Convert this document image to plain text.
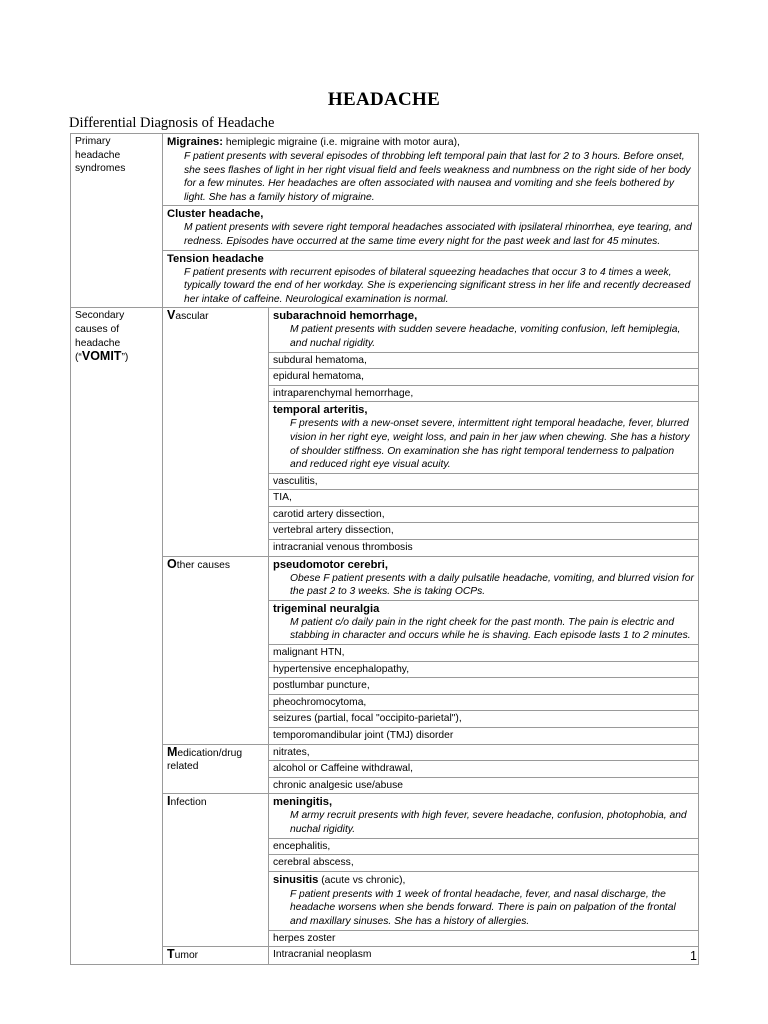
HEADACHE
Differential Diagnosis of Headache
Primary headache syndromes	Migraines: hemiplegic migraine (i.e. migraine with motor aura),
F patient presents with several episodes of throbbing left temporal pain that last for 2 to 3 hours. Before onset, she sees flashes of light in her right visual field and feels weakness and numbness on the right side of her body for a few minutes. Her headaches are often associated with nausea and vomiting and she feels bothered by light. She has a family history of migraine.	

	Cluster headache,
M patient presents with severe right temporal headaches associated with ipsilateral rhinorrhea, eye tearing, and redness. Episodes have occurred at the same time every night for the past week and last for 45 minutes.	

	Tension headache
F patient presents with recurrent episodes of bilateral squeezing headaches that occur 3 to 4 times a week, typically toward the end of her workday. She is experiencing significant stress in her life and recently decreased her intake of caffeine. Neurological examination is normal.	

Secondary causes of headache (“VOMIT”)	Vascular	subarachnoid hemorrhage,
M patient presents with sudden severe headache, vomiting confusion, left hemiplegia, and nuchal rigidity.

		subdural hematoma,
		epidural hematoma,
		intraparenchymal hemorrhage,

		temporal arteritis,
F presents with a new-onset severe, intermittent right temporal headache, fever, blurred vision in her right eye, weight loss, and pain in her jaw when chewing. She has a history of shoulder stiffness. On examination she has right temporal tenderness to palpation and reduced right eye visual acuity.

		vasculitis,
		TIA,
		carotid artery dissection,
		vertebral artery dissection,
		intracranial venous thrombosis
	Other causes	pseudomotor cerebri,
Obese F patient presents with a daily pulsatile headache, vomiting, and blurred vision for the past 2 to 3 weeks. She is taking OCPs.

		trigeminal neuralgia
M patient c/o daily pain in the right cheek for the past month. The pain is electric and stabbing in character and occurs while he is shaving. Each episode lasts 1 to 2 minutes.

		malignant HTN,
		hypertensive encephalopathy,
		postlumbar puncture,
		pheochromocytoma,
		seizures (partial, focal "occipito-parietal"),
		temporomandibular joint (TMJ) disorder
	Medication/drug related	nitrates,
		alcohol or Caffeine withdrawal,
		chronic analgesic use/abuse
	Infection	meningitis,
M army recruit presents with high fever, severe headache, confusion, photophobia, and nuchal rigidity.

		encephalitis,
		cerebral abscess,

		sinusitis (acute vs chronic),
F patient presents with 1 week of frontal headache, fever, and nasal discharge, the headache worsens when she bends forward. There is pain on palpation of the frontal and maxillary sinuses. She has a history of allergies.

		herpes zoster
	Tumor	Intracranial neoplasm	1
